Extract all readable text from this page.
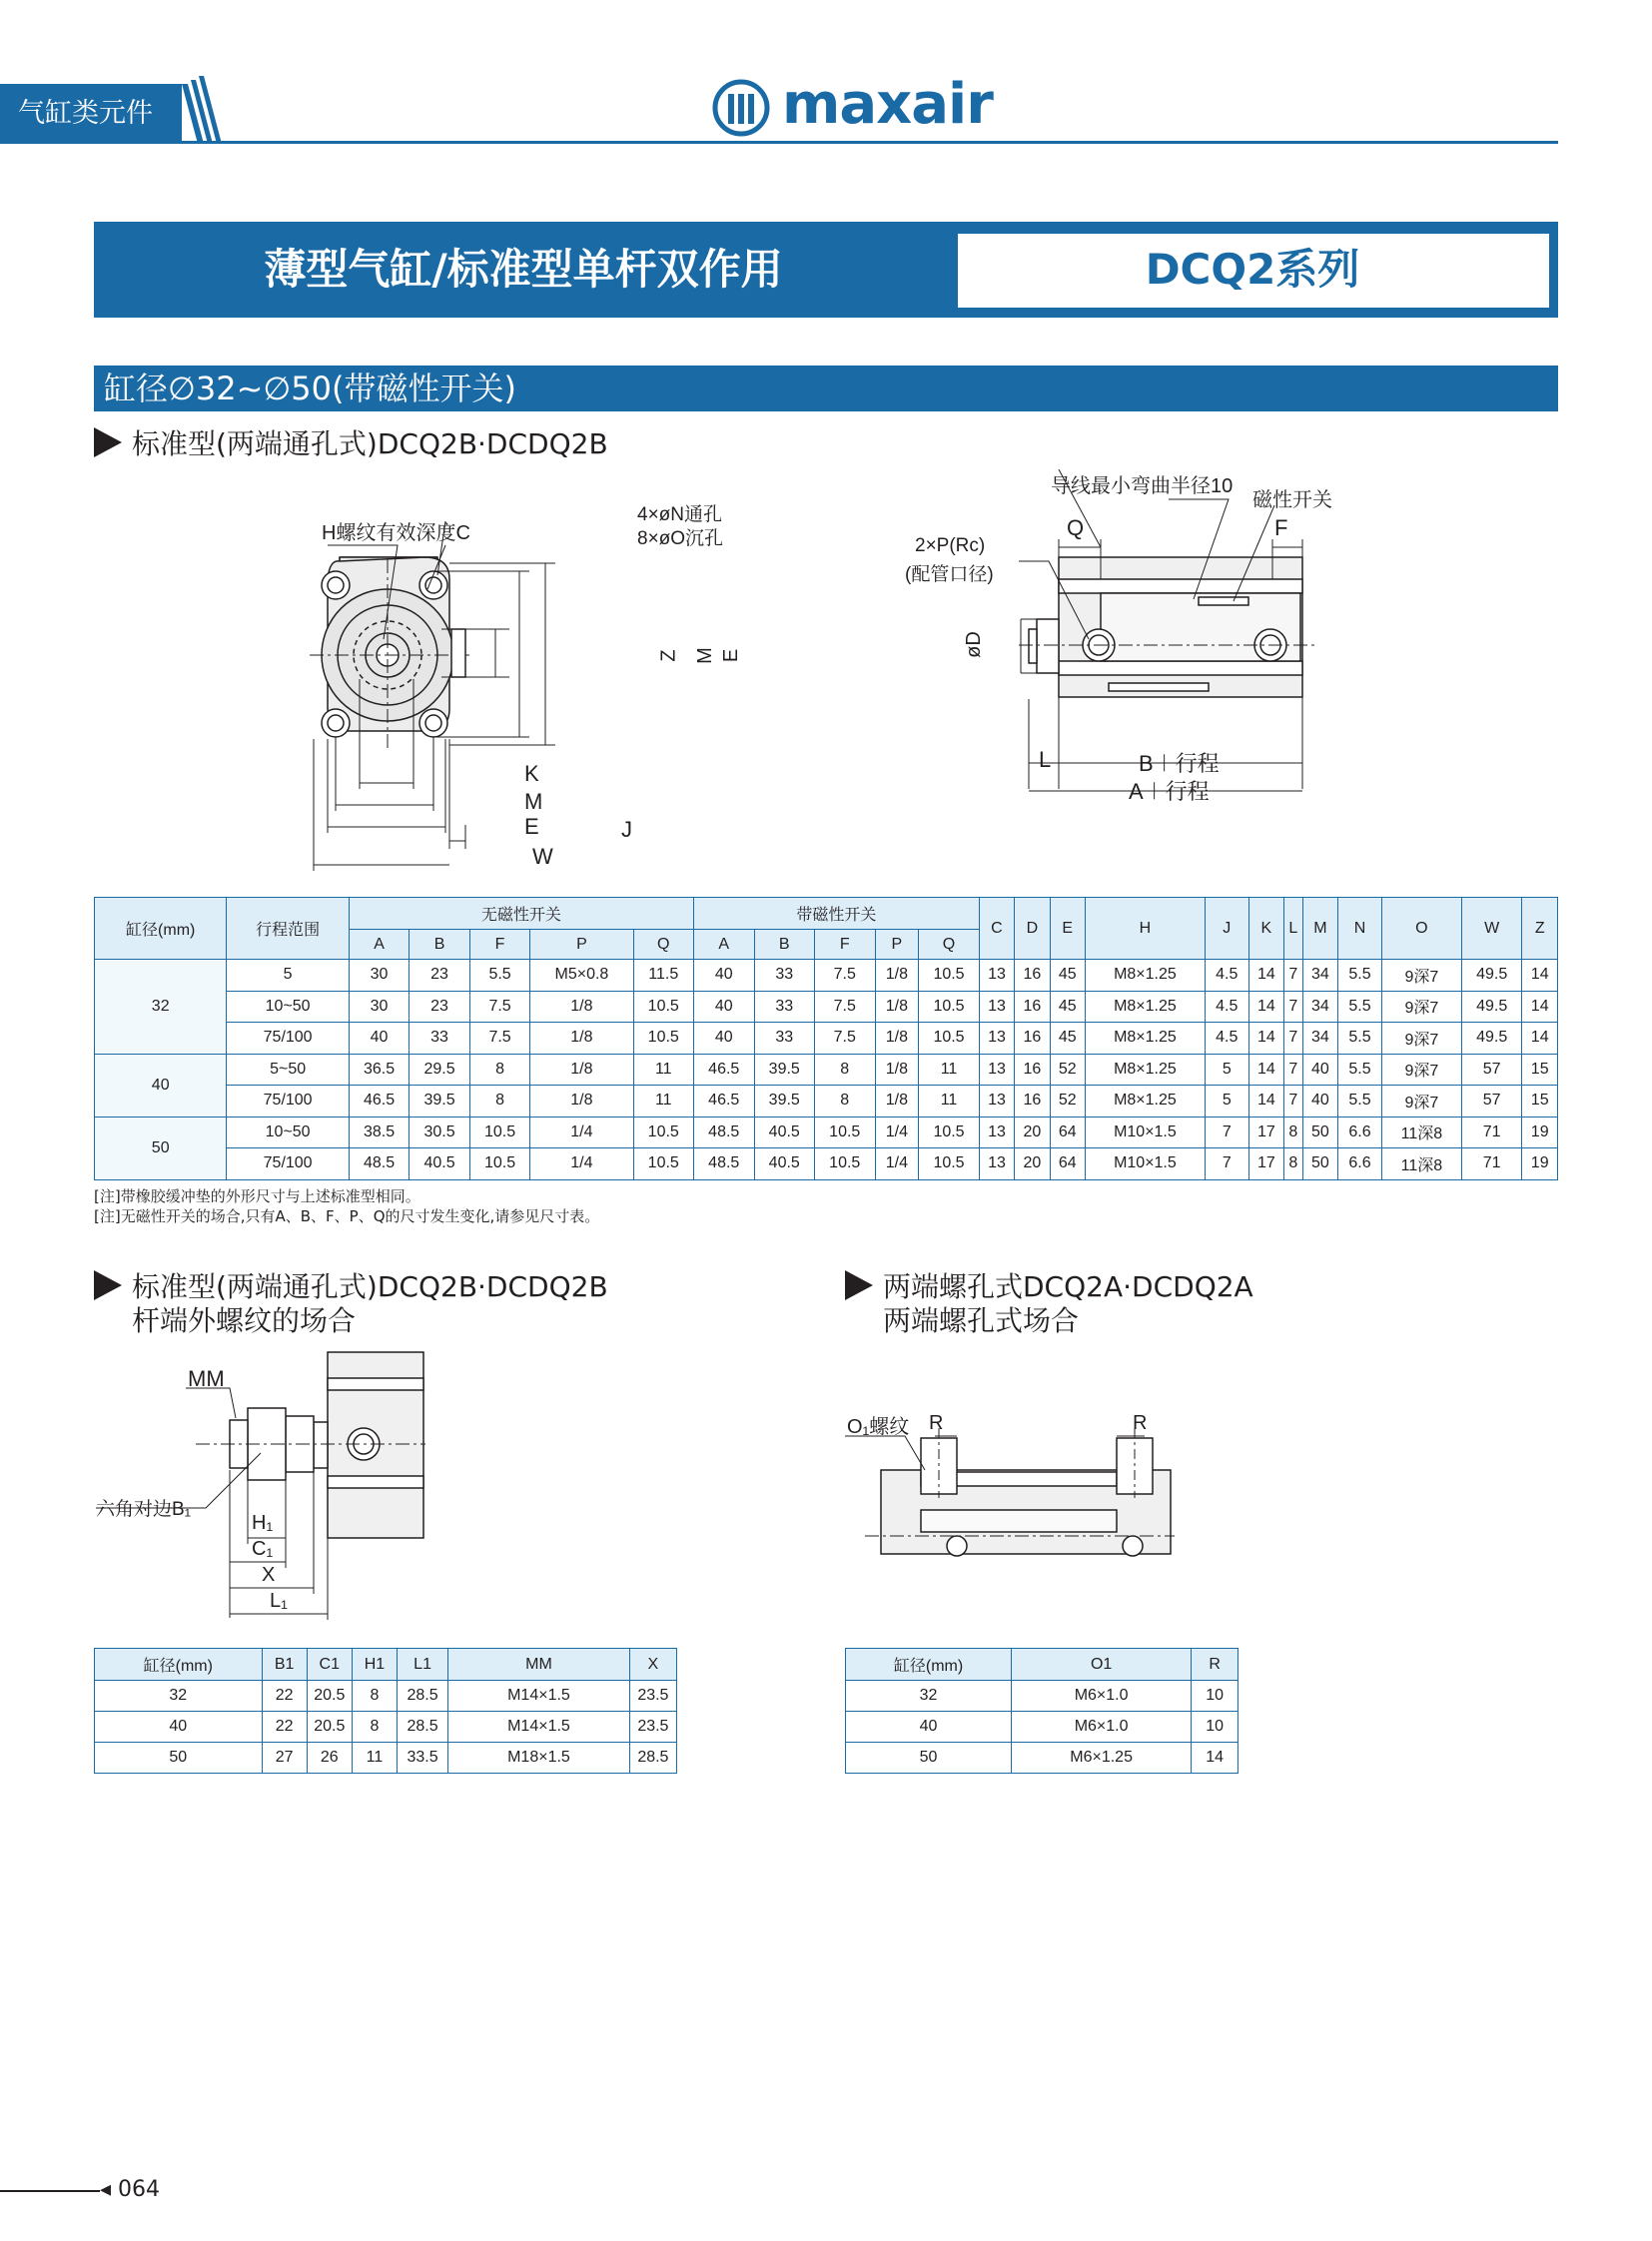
气缸类元件	maxair
薄型气缸/标准型单杆双作用	DCQ2系列
缸径∅32~∅50(带磁性开关)
标准型(两端通孔式)DCQ2B·DCDQ2B
H螺纹有效深度C
4×øN通孔
8×øO沉孔
Z M E
K
M
E
W
J
导线最小弯曲半径10
磁性开关
2×P(Rc)
(配管口径)
Q	F
øD
L	B＋行程
A＋行程
缸径(mm)	行程范围	无磁性开关					带磁性开关					C	D	E	H	J	K	L	M	N	O	W	Z
		A	B	F	P	Q	A	B	F	P	Q												
32	5	30	23	5.5	M5×0.8	11.5	40	33	7.5	1/8	10.5	13	16	45	M8×1.25	4.5	14	7	34	5.5	9深7	49.5	14
	10~50	30	23	7.5	1/8	10.5	40	33	7.5	1/8	10.5	13	16	45	M8×1.25	4.5	14	7	34	5.5	9深7	49.5	14
	75/100	40	33	7.5	1/8	10.5	40	33	7.5	1/8	10.5	13	16	45	M8×1.25	4.5	14	7	34	5.5	9深7	49.5	14
40	5~50	36.5	29.5	8	1/8	11	46.5	39.5	8	1/8	11	13	16	52	M8×1.25	5	14	7	40	5.5	9深7	57	15
	75/100	46.5	39.5	8	1/8	11	46.5	39.5	8	1/8	11	13	16	52	M8×1.25	5	14	7	40	5.5	9深7	57	15
50	10~50	38.5	30.5	10.5	1/4	10.5	48.5	40.5	10.5	1/4	10.5	13	20	64	M10×1.5	7	17	8	50	6.6	11深8	71	19
	75/100	48.5	40.5	10.5	1/4	10.5	48.5	40.5	10.5	1/4	10.5	13	20	64	M10×1.5	7	17	8	50	6.6	11深8	71	19
[注]带橡胶缓冲垫的外形尺寸与上述标准型相同。
[注]无磁性开关的场合,只有A、B、F、P、Q的尺寸发生变化,请参见尺寸表。
标准型(两端通孔式)DCQ2B·DCDQ2B
杆端外螺纹的场合
MM
六角对边B₁
H₁
C₁
X
L₁
缸径(mm)	B1	C1	H1	L1	MM	X
32	22	20.5	8	28.5	M14×1.5	23.5
40	22	20.5	8	28.5	M14×1.5	23.5
50	27	26	11	33.5	M18×1.5	28.5
两端螺孔式DCQ2A·DCDQ2A
两端螺孔式场合
O₁螺纹 R	R
缸径(mm)	O1	R
32	M6×1.0	10
40	M6×1.0	10
50	M6×1.25	14
◂ 064
